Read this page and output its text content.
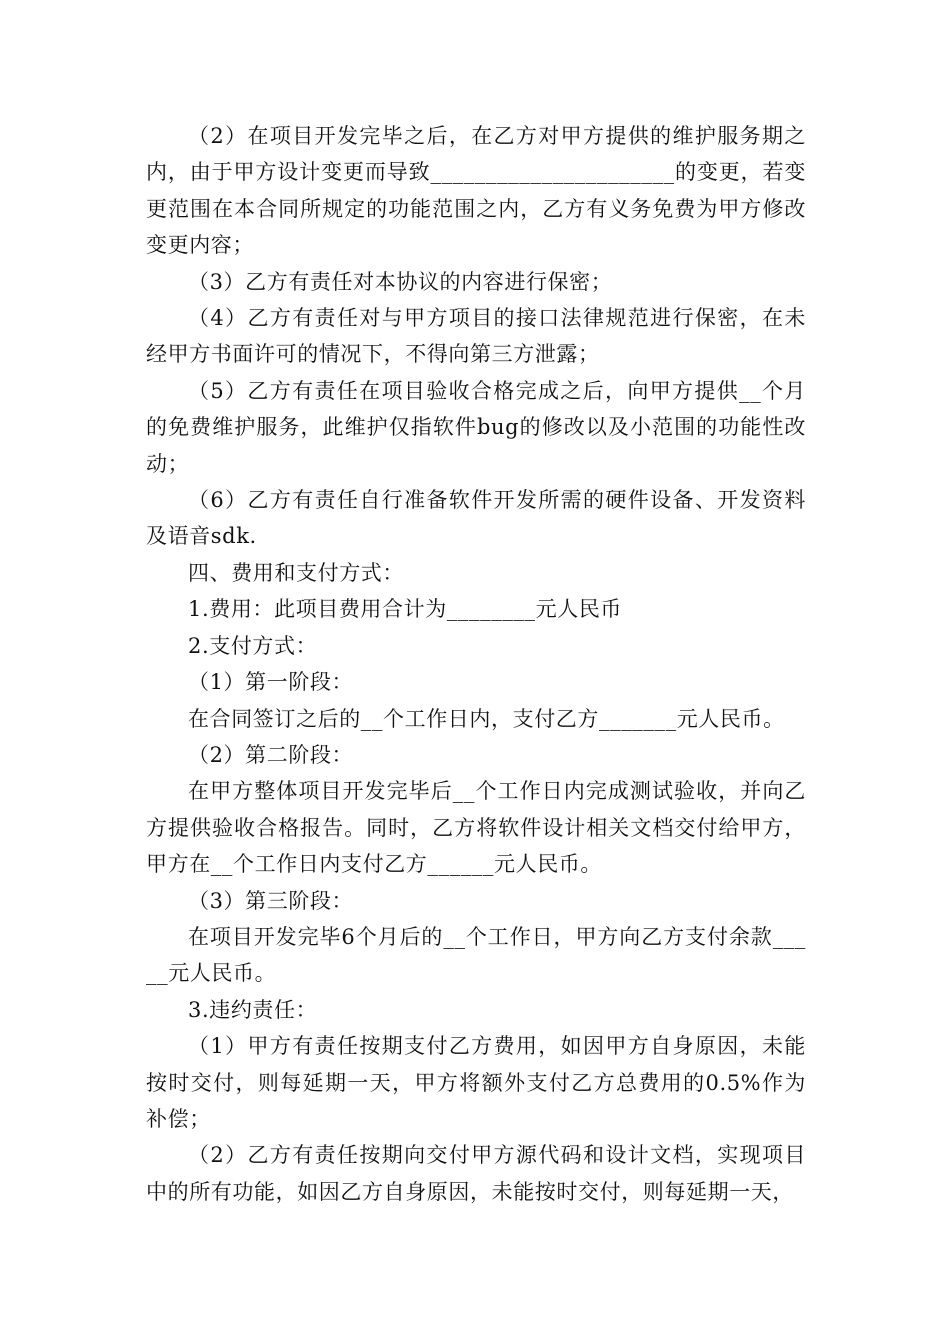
（2）在项目开发完毕之后，在乙方对甲方提供的维护服务期之内，由于甲方设计变更而导致______________________的变更，若变更范围在本合同所规定的功能范围之内，乙方有义务免费为甲方修改变更内容；

（3）乙方有责任对本协议的内容进行保密；

（4）乙方有责任对与甲方项目的接口法律规范进行保密，在未经甲方书面许可的情况下，不得向第三方泄露；

（5）乙方有责任在项目验收合格完成之后，向甲方提供__个月的免费维护服务，此维护仅指软件bug的修改以及小范围的功能性改动；

（6）乙方有责任自行准备软件开发所需的硬件设备、开发资料及语音sdk.

四、费用和支付方式：

1.费用：此项目费用合计为________元人民币

2.支付方式：

（1）第一阶段：

在合同签订之后的__个工作日内，支付乙方_______元人民币。

（2）第二阶段：

在甲方整体项目开发完毕后__个工作日内完成测试验收，并向乙方提供验收合格报告。同时，乙方将软件设计相关文档交付给甲方，甲方在__个工作日内支付乙方______元人民币。

（3）第三阶段：

在项目开发完毕6个月后的__个工作日，甲方向乙方支付余款_____元人民币。

3.违约责任：

（1）甲方有责任按期支付乙方费用，如因甲方自身原因，未能按时交付，则每延期一天，甲方将额外支付乙方总费用的0.5%作为补偿；

（2）乙方有责任按期向交付甲方源代码和设计文档，实现项目中的所有功能，如因乙方自身原因，未能按时交付，则每延期一天，
